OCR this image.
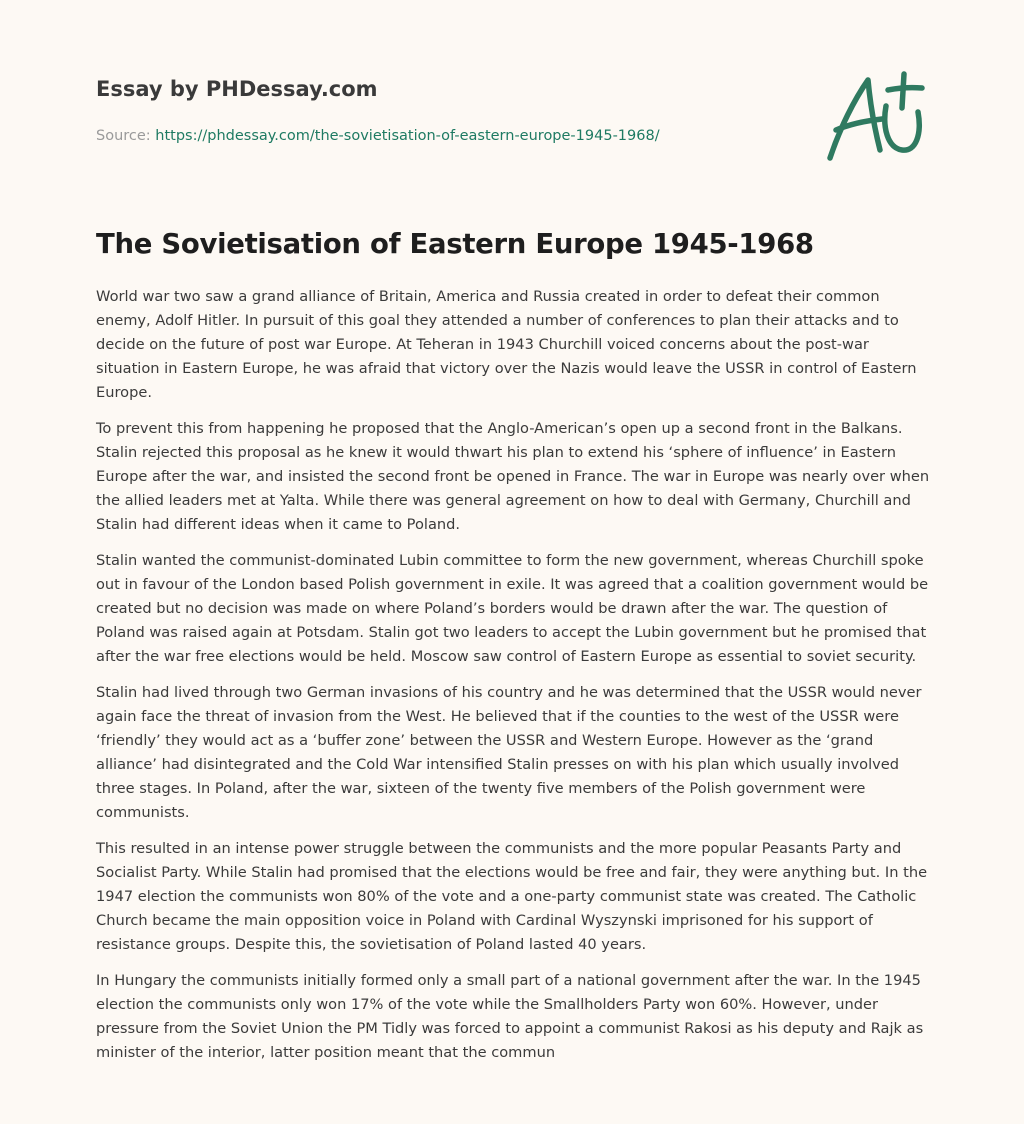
Essay by PHDessay.com
Source: https://phdessay.com/the-sovietisation-of-eastern-europe-1945-1968/
The Sovietisation of Eastern Europe 1945-1968

World war two saw a grand alliance of Britain, America and Russia created in order to defeat their common enemy, Adolf Hitler. In pursuit of this goal they attended a number of conferences to plan their attacks and to decide on the future of post war Europe. At Teheran in 1943 Churchill voiced concerns about the post-war situation in Eastern Europe, he was afraid that victory over the Nazis would leave the USSR in control of Eastern Europe.

To prevent this from happening he proposed that the Anglo-American’s open up a second front in the Balkans. Stalin rejected this proposal as he knew it would thwart his plan to extend his ‘sphere of influence’ in Eastern Europe after the war, and insisted the second front be opened in France. The war in Europe was nearly over when the allied leaders met at Yalta. While there was general agreement on how to deal with Germany, Churchill and Stalin had different ideas when it came to Poland.

Stalin wanted the communist-dominated Lubin committee to form the new government, whereas Churchill spoke out in favour of the London based Polish government in exile. It was agreed that a coalition government would be created but no decision was made on where Poland’s borders would be drawn after the war. The question of Poland was raised again at Potsdam. Stalin got two leaders to accept the Lubin government but he promised that after the war free elections would be held. Moscow saw control of Eastern Europe as essential to soviet security.

Stalin had lived through two German invasions of his country and he was determined that the USSR would never again face the threat of invasion from the West. He believed that if the counties to the west of the USSR were ‘friendly’ they would act as a ‘buffer zone’ between the USSR and Western Europe. However as the ‘grand alliance’ had disintegrated and the Cold War intensified Stalin presses on with his plan which usually involved three stages. In Poland, after the war, sixteen of the twenty five members of the Polish government were communists.

This resulted in an intense power struggle between the communists and the more popular Peasants Party and Socialist Party. While Stalin had promised that the elections would be free and fair, they were anything but. In the 1947 election the communists won 80% of the vote and a one-party communist state was created. The Catholic Church became the main opposition voice in Poland with Cardinal Wyszynski imprisoned for his support of resistance groups. Despite this, the sovietisation of Poland lasted 40 years.

In Hungary the communists initially formed only a small part of a national government after the war. In the 1945 election the communists only won 17% of the vote while the Smallholders Party won 60%. However, under pressure from the Soviet Union the PM Tidly was forced to appoint a communist Rakosi as his deputy and Rajk as minister of the interior, latter position meant that the commun
